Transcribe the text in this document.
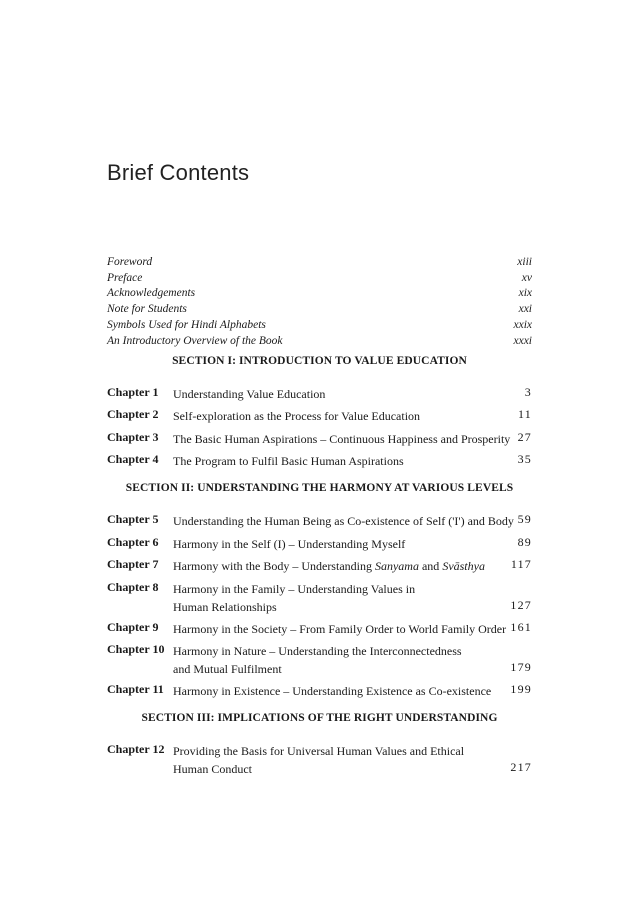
Brief Contents
Foreword	xiii
Preface	xv
Acknowledgements	xix
Note for Students	xxi
Symbols Used for Hindi Alphabets	xxix
An Introductory Overview of the Book	xxxi
SECTION I: INTRODUCTION TO VALUE EDUCATION
Chapter 1 Understanding Value Education	3
Chapter 2 Self-exploration as the Process for Value Education	11
Chapter 3 The Basic Human Aspirations – Continuous Happiness and Prosperity 27
Chapter 4 The Program to Fulfil Basic Human Aspirations	35
SECTION II: UNDERSTANDING THE HARMONY AT VARIOUS LEVELS
Chapter 5 Understanding the Human Being as Co-existence of Self ('I') and Body 59
Chapter 6 Harmony in the Self (I) – Understanding Myself	89
Chapter 7 Harmony with the Body – Understanding Sanyama and Svāsthya	117
Chapter 8 Harmony in the Family – Understanding Values in
Human Relationships	127
Chapter 9 Harmony in the Society – From Family Order to World Family Order 161
Chapter 10 Harmony in Nature – Understanding the Interconnectedness
and Mutual Fulfilment	179
Chapter 11 Harmony in Existence – Understanding Existence as Co-existence	199
SECTION III: IMPLICATIONS OF THE RIGHT UNDERSTANDING
Chapter 12 Providing the Basis for Universal Human Values and Ethical
Human Conduct	217
